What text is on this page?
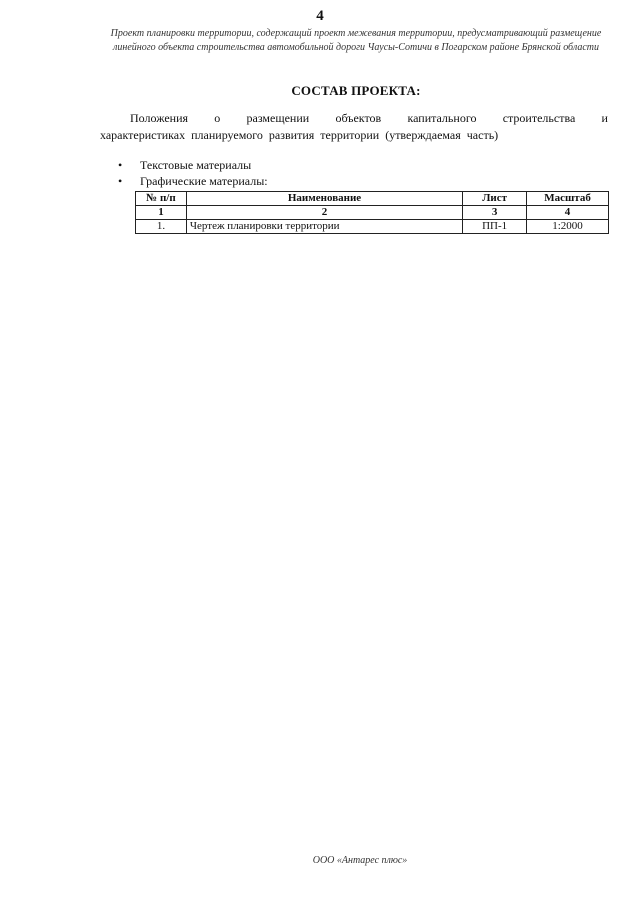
4
Проект планировки территории, содержащий проект межевания территории, предусматривающий размещение линейного объекта строительства автомобильной дороги Чаусы-Сотичи в Погарском районе Брянской области
СОСТАВ ПРОЕКТА:
Положения о размещении объектов капитального строительства и
характеристиках планируемого развития территории (утверждаемая часть)
• Текстовые материалы
• Графические материалы:
№ п/п	Наименование	Лист	Масштаб
1	2	3	4
1.	Чертеж планировки территории	ПП-1	1:2000
ООО «Антарес плюс»
